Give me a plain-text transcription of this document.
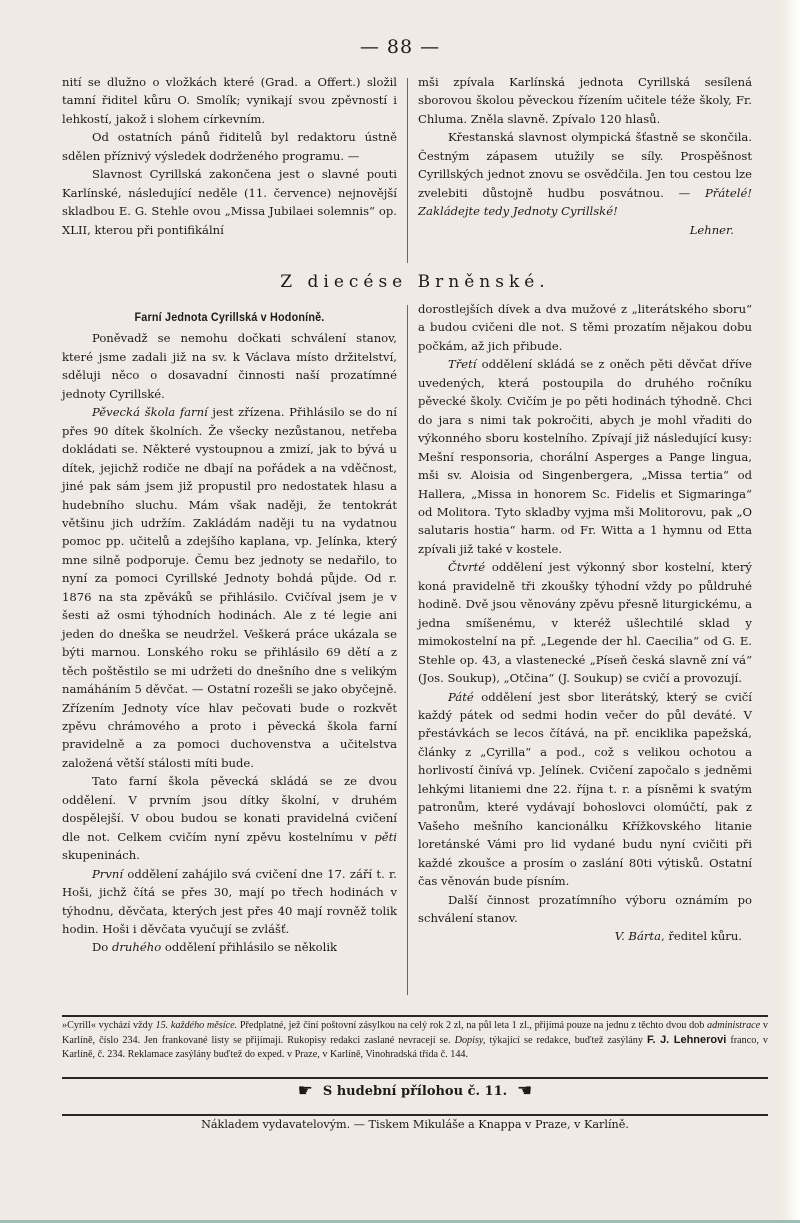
— 88 —

nití se dlužno o vložkách které (Grad. a Offert.) složil tamní řiditel kůru O. Smolík; vynikají svou zpěvností i lehkostí, jakož i slohem církevním.

Od ostatních pánů řiditelů byl redaktoru ústně sdělen příznivý výsledek dodrženého programu. —

Slavnost Cyrillská zakončena jest o slavné pouti Karlínské, následující neděle (11. července) nejnovější skladbou E. G. Stehle ovou „Missa Jubilaei solemnis“ op. XLII, kterou při pontifikální

mši zpívala Karlínská jednota Cyrillská sesílená sborovou školou pěveckou řízením učitele téže školy, Fr. Chluma. Zněla slavně. Zpívalo 120 hlasů.

Křestanská slavnost olympická šťastně se skončila. Čestným zápasem utužily se síly. Prospěšnost Cyrillských jednot znovu se osvědčila. Jen tou cestou lze zvelebiti důstojně hudbu posvátnou. — Přátelé! Zakládejte tedy Jednoty Cyrillské!

Lehner.

Z diecése Brněnské.
Farní Jednota Cyrillská v Hodoníně.

Poněvadž se nemohu dočkati schválení stanov, které jsme zadali již na sv. k Václava místo držitelství, sděluji něco o dosavadní činnosti naší prozatímné jednoty Cyrillské.

Pěvecká škola farní jest zřízena. Přihlásilo se do ní přes 90 dítek školních. Že všecky nezůstanou, netřeba dokládati se. Některé vystoupnou a zmizí, jak to bývá u dítek, jejichž rodiče ne dbají na pořádek a na vděčnost, jiné pak sám jsem již propustil pro nedostatek hlasu a hudebního sluchu. Mám však naději, že tentokrát většinu jich udržím. Zakládám naději tu na vydatnou pomoc pp. učitelů a zdejšího kaplana, vp. Jelínka, který mne silně podporuje. Čemu bez jednoty se nedařilo, to nyní za pomoci Cyrillské Jednoty bohdá půjde. Od r. 1876 na sta zpěváků se přihlásilo. Cvičíval jsem je v šesti až osmi týhodních hodinách. Ale z té legie ani jeden do dneška se neudržel. Veškerá práce ukázala se býti marnou. Lonského roku se přihlásilo 69 dětí a z těch poštěstilo se mi udržeti do dnešního dne s velikým namáháním 5 děvčat. — Ostatní rozešli se jako obyčejně. Zřízením Jednoty více hlav pečovati bude o rozkvět zpěvu chrámového a proto i pěvecká škola farní pravidelně a za pomoci duchovenstva a učitelstva založená větší stálosti míti bude.

Tato farní škola pěvecká skládá se ze dvou oddělení. V prvním jsou dítky školní, v druhém dospělejší. V obou budou se konati pravidelná cvičení dle not. Celkem cvičím nyní zpěvu kostelnímu v pěti skupeninách.

První oddělení zahájilo svá cvičení dne 17. září t. r. Hoši, jichž čítá se přes 30, mají po třech hodinách v týhodnu, děvčata, kterých jest přes 40 mají rovněž tolik hodin. Hoši i děvčata vyučují se zvlášť.

Do druhého oddělení přihlásilo se několik

dorostlejších dívek a dva mužové z „literátského sboru“ a budou cvičeni dle not. S těmi prozatím nějakou dobu počkám, až jich přibude.

Třetí oddělení skládá se z oněch pěti děvčat dříve uvedených, která postoupila do druhého ročníku pěvecké školy. Cvičím je po pěti hodinách týhodně. Chci do jara s nimi tak pokročiti, abych je mohl vřaditi do výkonného sboru kostelního. Zpívají již následující kusy: Mešní responsoria, chorální Asperges a Pange lingua, mši sv. Aloisia od Singenbergera, „Missa tertia“ od Hallera, „Missa in honorem Sc. Fidelis et Sigmaringa“ od Molitora. Tyto skladby vyjma mši Molitorovu, pak „O salutaris hostia“ harm. od Fr. Witta a 1 hymnu od Etta zpívali již také v kostele.

Čtvrté oddělení jest výkonný sbor kostelní, který koná pravidelně tři zkoušky týhodní vždy po půldruhé hodině. Dvě jsou věnovány zpěvu přesně liturgickému, a jedna smíšenému, v kteréž ušlechtilé sklad y mimokostelní na př. „Legende der hl. Caecilia“ od G. E. Stehle op. 43, a vlastenecké „Píseň česká slavně zní vá“ (Jos. Soukup), „Otčina“ (J. Soukup) se cvičí a provozují.

Páté oddělení jest sbor literátský, který se cvičí každý pátek od sedmi hodin večer do půl deváté. V přestávkách se lecos čítává, na př. enciklika papežská, články z „Cyrilla“ a pod., což s velikou ochotou a horlivostí činívá vp. Jelínek. Cvičení započalo s jedněmi lehkými litaniemi dne 22. října t. r. a písněmi k svatým patronům, které vydávají bohoslovci olomúčtí, pak z Vašeho mešního kancionálku Křížkovského litanie loretánské Vámi pro lid vydané budu nyní cvičiti při každé zkoušce a prosím o zaslání 80ti výtisků. Ostatní čas věnován bude písním.

Další činnost prozatímního výboru oznámím po schválení stanov.

V. Bárta, ředitel kůru.

»Cyrill« vychází vždy 15. každého měsíce. Předplatné, jež činí poštovní zásylkou na celý rok 2 zl, na půl leta 1 zl., přijímá pouze na jednu z těchto dvou dob administrace v Karlíně, číslo 234. Jen frankované listy se přijímají. Rukopisy redakci zaslané nevracejí se. Dopisy, týkající se redakce, buďtež zasýlány F. J. Lehnerovi franco, v Karlíně, č. 234. Reklamace zasýlány buďtež do exped. v Praze, v Karlíně, Vinohradská třída č. 144.
☛ S hudební přílohou č. 11. ☛
Nákladem vydavatelovým. — Tiskem Mikuláše a Knappa v Praze, v Karlíně.
